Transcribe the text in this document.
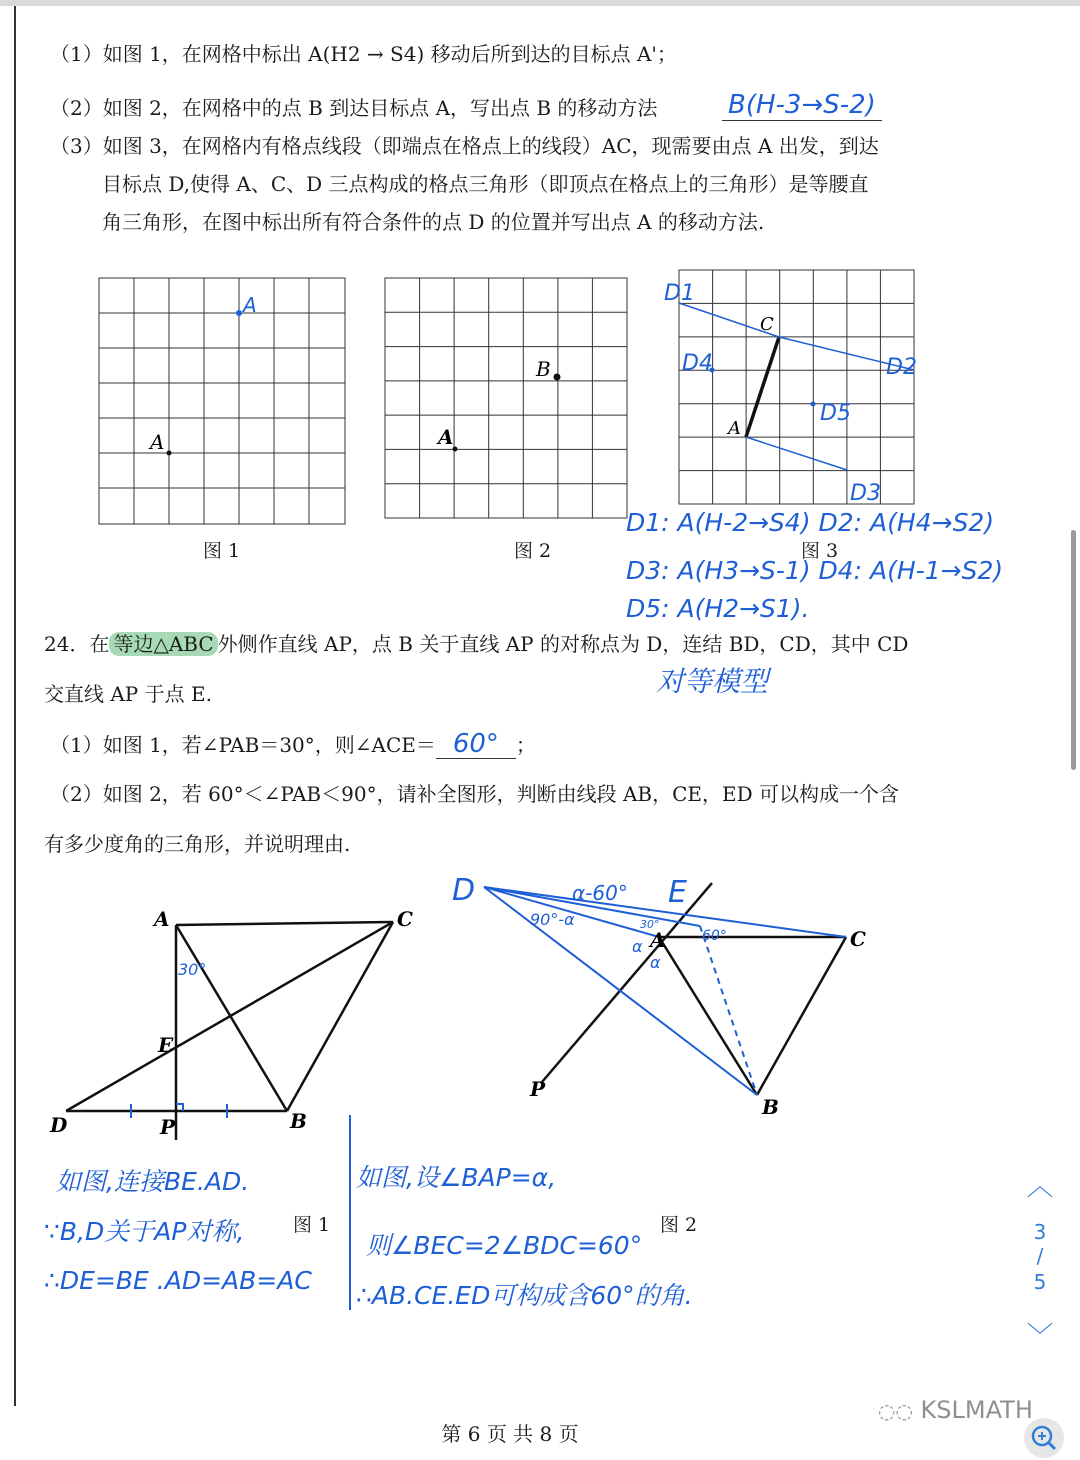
（1）如图 1，在网格中标出 A(H2 → S4) 移动后所到达的目标点 A'；
（2）如图 2，在网格中的点 B 到达目标点 A，写出点 B 的移动方法	B(H-3→S-2)
（3）如图 3，在网格内有格点线段（即端点在格点上的线段）AC，现需要由点 A 出发，到达
目标点 D,使得 A、C、D 三点构成的格点三角形（即顶点在格点上的三角形）是等腰直
角三角形，在图中标出所有符合条件的点 D 的位置并写出点 A 的移动方法.
A
A
B
A
C
A
D1
D2
D3
D4
D5
A	C
E
D	P	B
30°
A	C
P
B
D	E
α-60°
90°-α
α
α
60°
30°
图 1	图 2	图 3
D1: A(H-2→S4) D2: A(H4→S2)
D3: A(H3→S-1) D4: A(H-1→S2)
D5: A(H2→S1).
24．在 等边△ABC 外侧作直线 AP，点 B 关于直线 AP 的对称点为 D，连结 BD，CD，其中 CD
交直线 AP 于点 E.	对等模型
（1）如图 1，若∠PAB＝30°，则∠ACE＝ 60° ；
（2）如图 2，若 60°＜∠PAB＜90°，请补全图形，判断由线段 AB，CE，ED 可以构成一个含
有多少度角的三角形，并说明理由.
图 1	图 2
如图,连接BE.AD.
∵B,D关于AP对称,
∴DE=BE .AD=AB=AC
如图,设∠BAP=α,
则∠BEC=2∠BDC=60°
∴AB.CE.ED可构成含60°的角.
︿
3
/
5
﹀
第 6 页 共 8 页
◌◌ KSLMATH
